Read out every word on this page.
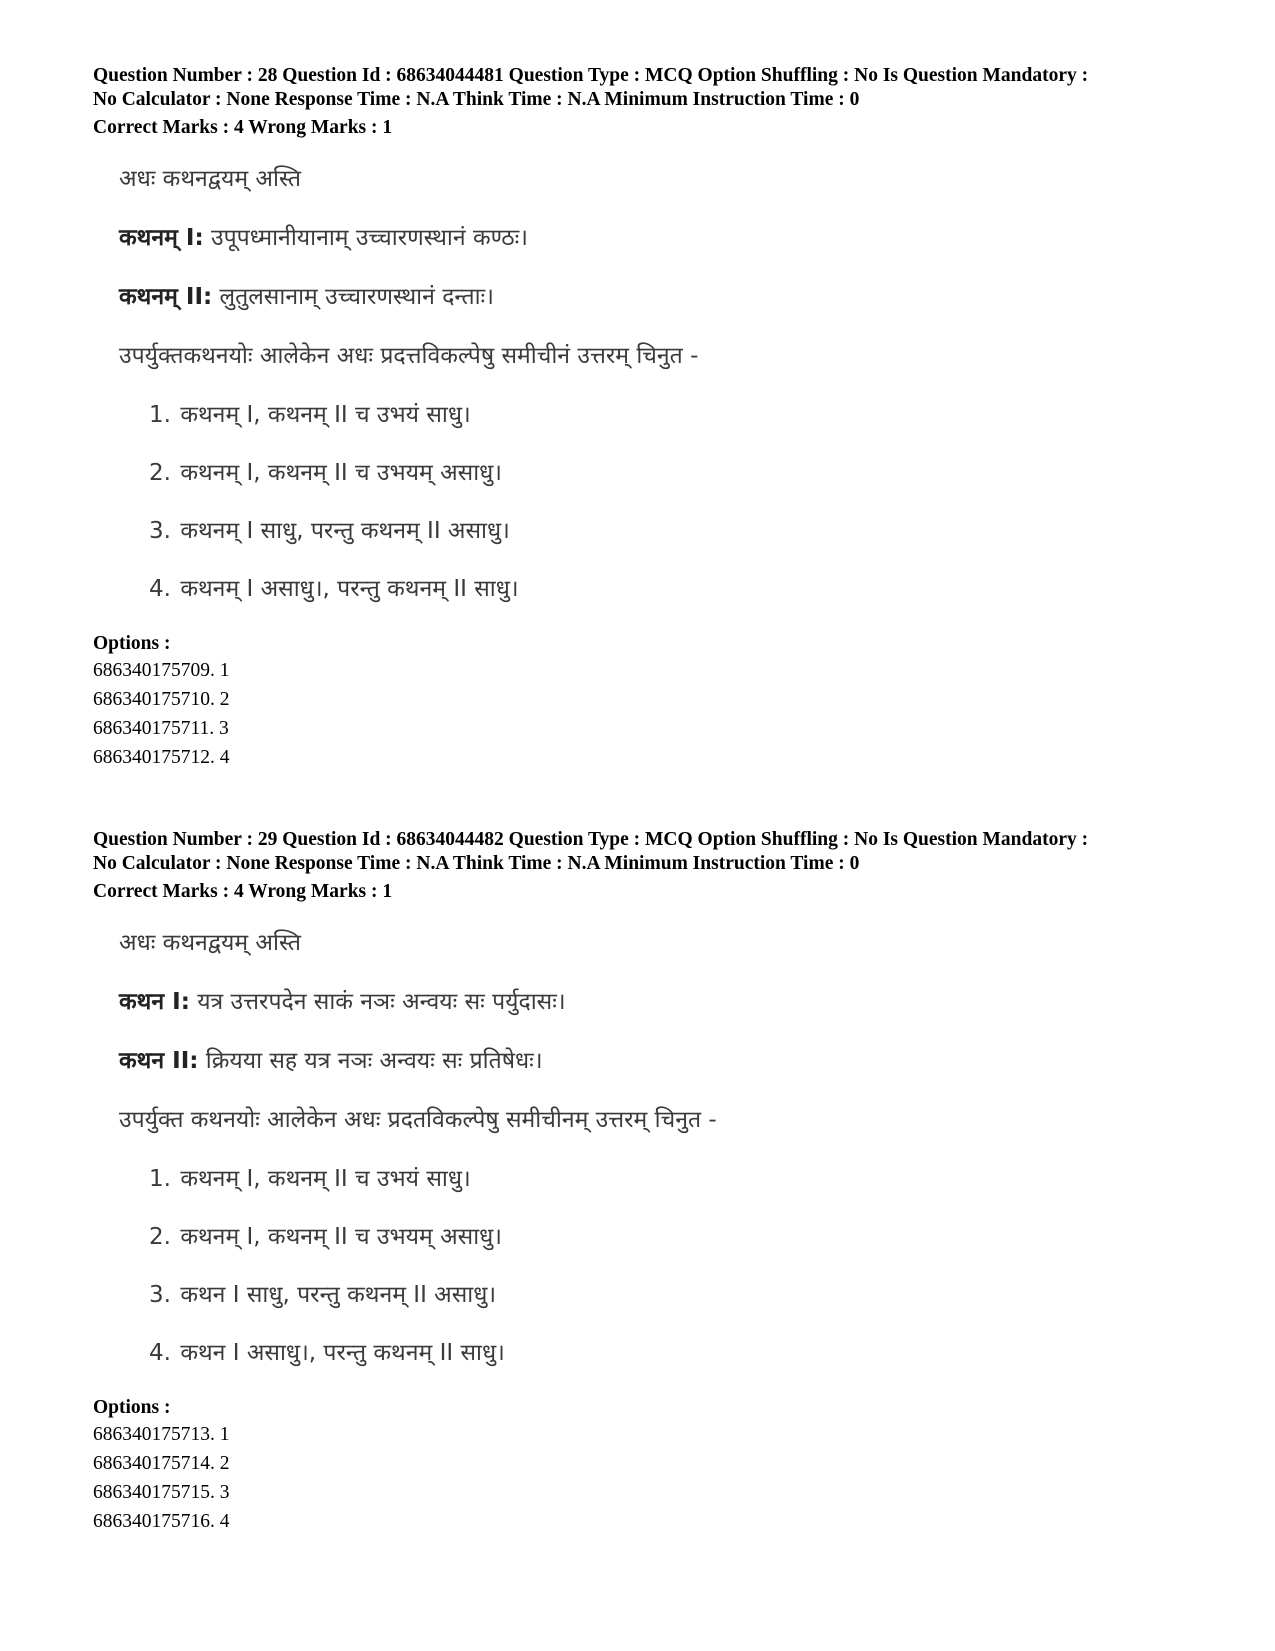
Question Number : 28 Question Id : 68634044481 Question Type : MCQ Option Shuffling : No Is Question Mandatory :

No Calculator : None Response Time : N.A Think Time : N.A Minimum Instruction Time : 0

Correct Marks : 4 Wrong Marks : 1

अधः कथनद्वयम् अस्ति
कथनम् I: उपूपध्मानीयानाम् उच्चारणस्थानं कण्ठः।
कथनम् II: लुतुलसानाम् उच्चारणस्थानं दन्ताः।
उपर्युक्तकथनयोः आलेकेन अधः प्रदत्तविकल्पेषु समीचीनं उत्तरम् चिनुत -
1. कथनम् I, कथनम् II च उभयं साधु।
2. कथनम् I, कथनम् II च उभयम् असाधु।
3. कथनम् I साधु, परन्तु कथनम् II असाधु।
4. कथनम् I असाधु।, परन्तु कथनम् II साधु।
Options :
686340175709. 1
686340175710. 2
686340175711. 3
686340175712. 4

Question Number : 29 Question Id : 68634044482 Question Type : MCQ Option Shuffling : No Is Question Mandatory :

No Calculator : None Response Time : N.A Think Time : N.A Minimum Instruction Time : 0

Correct Marks : 4 Wrong Marks : 1

अधः कथनद्वयम् अस्ति
कथन I: यत्र उत्तरपदेन साकं नञः अन्वयः सः पर्युदासः।
कथन II: क्रियया सह यत्र नञः अन्वयः सः प्रतिषेधः।
उपर्युक्त कथनयोः आलेकेन अधः प्रदतविकल्पेषु समीचीनम् उत्तरम् चिनुत -
1. कथनम् I, कथनम् II च उभयं साधु।
2. कथनम् I, कथनम् II च उभयम् असाधु।
3. कथन I साधु, परन्तु कथनम् II असाधु।
4. कथन I असाधु।, परन्तु कथनम् II साधु।
Options :
686340175713. 1
686340175714. 2
686340175715. 3
686340175716. 4
